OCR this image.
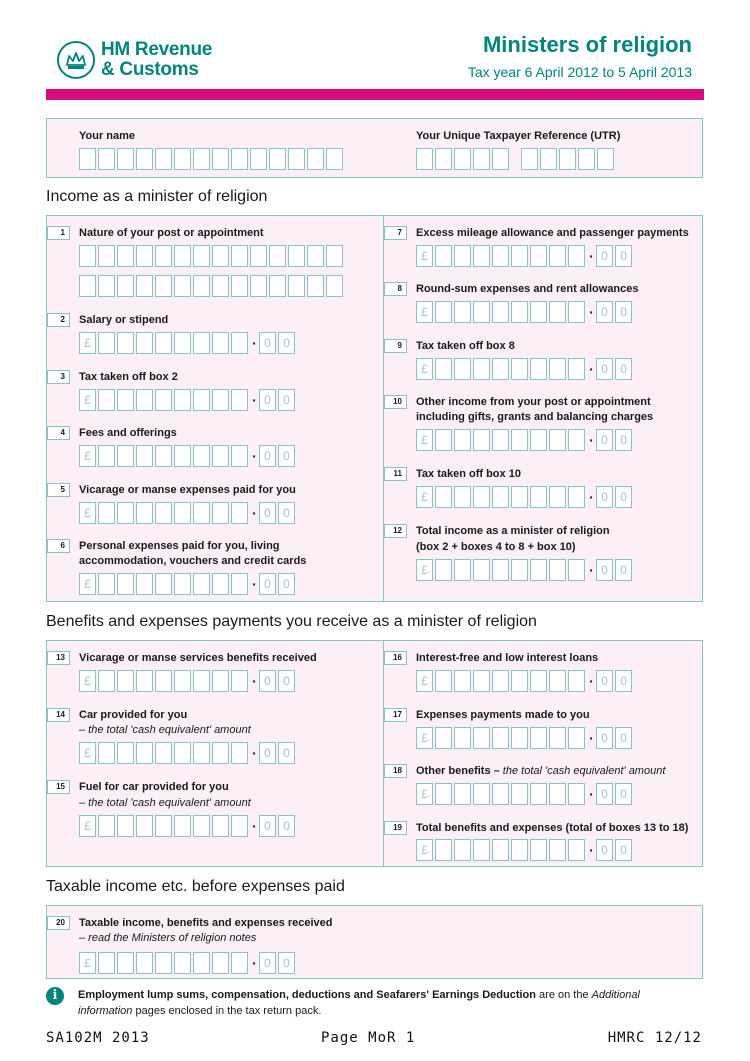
HM Revenue
& Customs
Ministers of religion
Tax year 6 April 2012 to 5 April 2013
Your name	Your Unique Taxpayer Reference (UTR)
Income as a minister of religion
1	Nature of your post or appointment
2	Salary or stipend
£	· 0	0
3	Tax taken off box 2
£	· 0	0
4	Fees and offerings
£	· 0	0
5	Vicarage or manse expenses paid for you
£	· 0	0
6	Personal expenses paid for you, living accommodation, vouchers and credit cards
£	· 0	0
7	Excess mileage allowance and passenger payments
£	· 0	0
8	Round-sum expenses and rent allowances
£	· 0	0
9	Tax taken off box 8
£	· 0	0
10	Other income from your post or appointment including gifts, grants and balancing charges
£	· 0	0
11	Tax taken off box 10
£	· 0	0
12	Total income as a minister of religion
(box 2 + boxes 4 to 8 + box 10)
£	· 0	0
Benefits and expenses payments you receive as a minister of religion
13	Vicarage or manse services benefits received
£	· 0	0
14	Car provided for you
– the total 'cash equivalent' amount
£	· 0	0
15	Fuel for car provided for you
– the total 'cash equivalent' amount
£	· 0	0
16	Interest-free and low interest loans
£	· 0	0
17	Expenses payments made to you
£	· 0	0
18	Other benefits – the total 'cash equivalent' amount
£	· 0	0
19	Total benefits and expenses (total of boxes 13 to 18)
£	· 0	0
Taxable income etc. before expenses paid
20	Taxable income, benefits and expenses received
– read the Ministers of religion notes
£	· 0	0
i	Employment lump sums, compensation, deductions and Seafarers' Earnings Deduction are on the Additional information pages enclosed in the tax return pack.
SA102M 2013	Page MoR 1	HMRC 12/12
